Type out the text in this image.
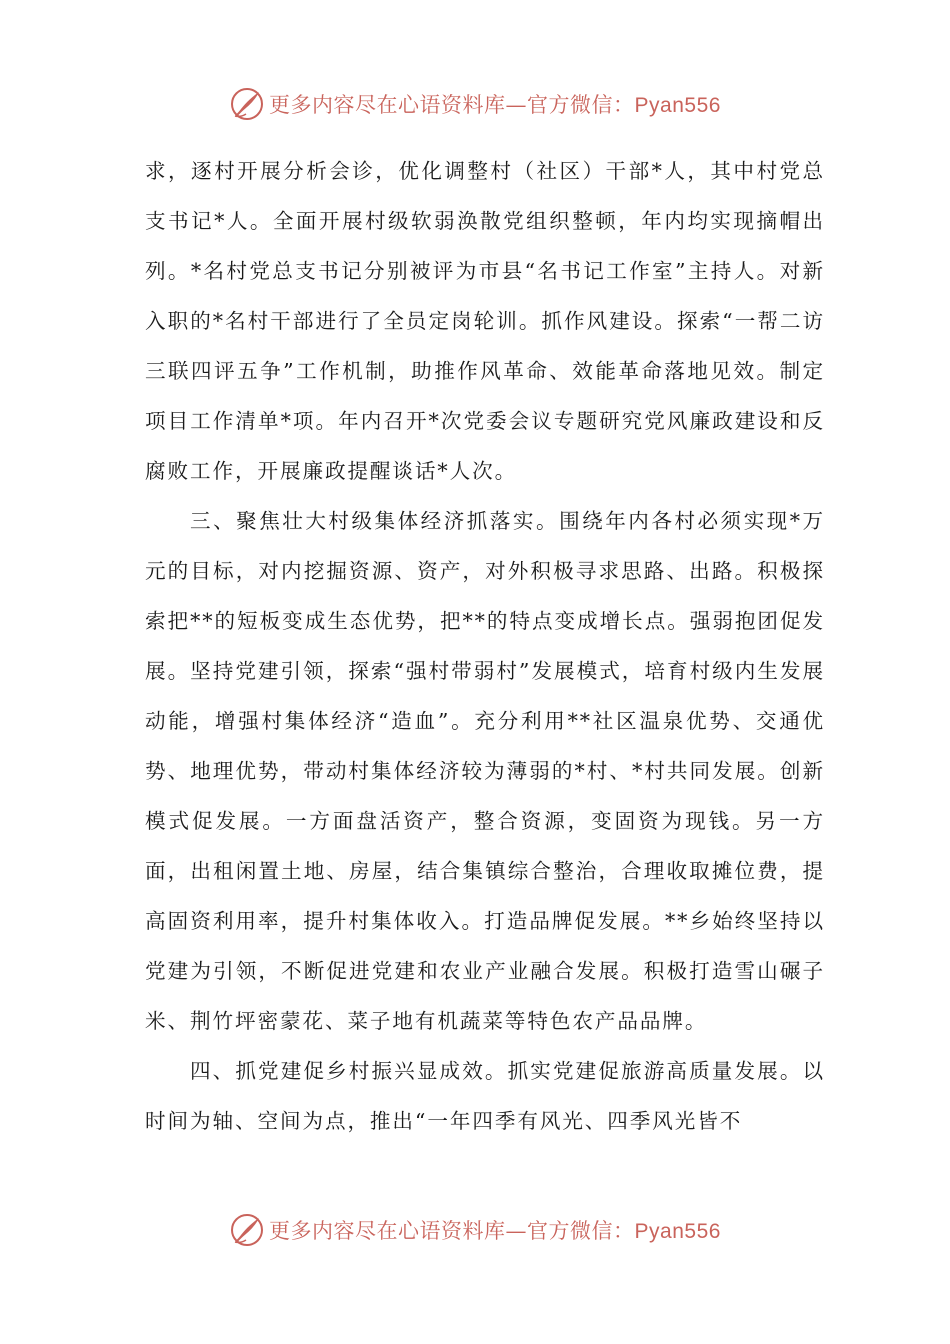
更多内容尽在心语资料库—官方微信：Pyan556

求，逐村开展分析会诊，优化调整村（社区）干部*人，其中村党总支书记*人。全面开展村级软弱涣散党组织整顿，年内均实现摘帽出列。*名村党总支书记分别被评为市县“名书记工作室”主持人。对新入职的*名村干部进行了全员定岗轮训。抓作风建设。探索“一帮二访三联四评五争”工作机制，助推作风革命、效能革命落地见效。制定项目工作清单*项。年内召开*次党委会议专题研究党风廉政建设和反腐败工作，开展廉政提醒谈话*人次。

三、聚焦壮大村级集体经济抓落实。围绕年内各村必须实现*万元的目标，对内挖掘资源、资产，对外积极寻求思路、出路。积极探索把**的短板变成生态优势，把**的特点变成增长点。强弱抱团促发展。坚持党建引领，探索“强村带弱村”发展模式，培育村级内生发展动能，增强村集体经济“造血”。充分利用**社区温泉优势、交通优势、地理优势，带动村集体经济较为薄弱的*村、*村共同发展。创新模式促发展。一方面盘活资产，整合资源，变固资为现钱。另一方面，出租闲置土地、房屋，结合集镇综合整治，合理收取摊位费，提高固资利用率，提升村集体收入。打造品牌促发展。**乡始终坚持以党建为引领，不断促进党建和农业产业融合发展。积极打造雪山碾子米、荆竹坪密蒙花、菜子地有机蔬菜等特色农产品品牌。

四、抓党建促乡村振兴显成效。抓实党建促旅游高质量发展。以时间为轴、空间为点，推出“一年四季有风光、四季风光皆不

更多内容尽在心语资料库—官方微信：Pyan556
